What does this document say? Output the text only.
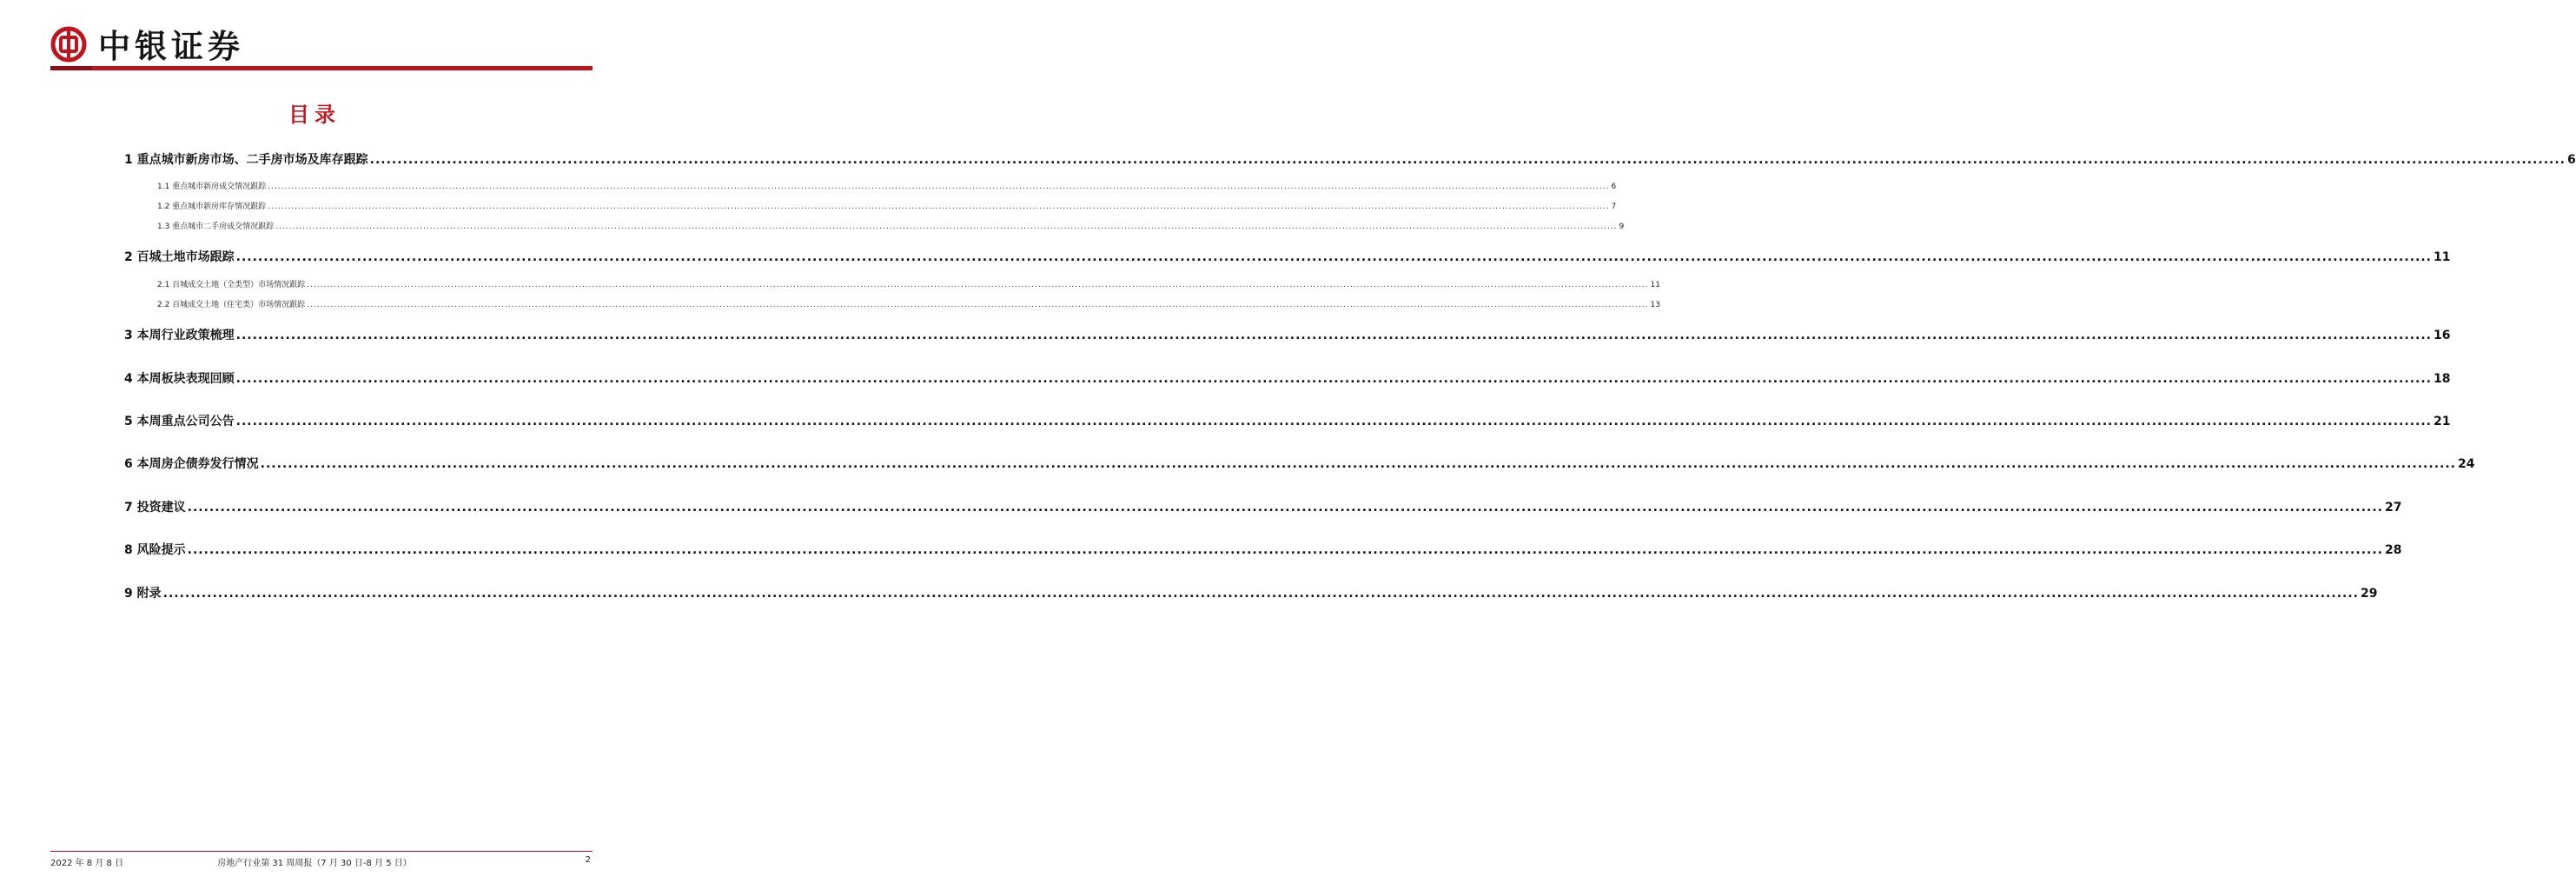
中银证券
目录
1 重点城市新房市场、二手房市场及库存跟踪 ................................................................................................................................................................................................................................................................................................................................................................................................................ 6
1.1 重点城市新房成交情况跟踪 ................................................................................................................................................................................................................................................................................................................................................................................................................ 6
1.2 重点城市新房库存情况跟踪 ................................................................................................................................................................................................................................................................................................................................................................................................................ 7
1.3 重点城市二手房成交情况跟踪 ................................................................................................................................................................................................................................................................................................................................................................................................................ 9
2 百城土地市场跟踪 ................................................................................................................................................................................................................................................................................................................................................................................................................ 11
2.1 百城成交土地（全类型）市场情况跟踪 ................................................................................................................................................................................................................................................................................................................................................................................................................ 11
2.2 百城成交土地（住宅类）市场情况跟踪 ................................................................................................................................................................................................................................................................................................................................................................................................................ 13
3 本周行业政策梳理 ................................................................................................................................................................................................................................................................................................................................................................................................................ 16
4 本周板块表现回顾 ................................................................................................................................................................................................................................................................................................................................................................................................................ 18
5 本周重点公司公告 ................................................................................................................................................................................................................................................................................................................................................................................................................ 21
6 本周房企债券发行情况 ................................................................................................................................................................................................................................................................................................................................................................................................................ 24
7 投资建议 ................................................................................................................................................................................................................................................................................................................................................................................................................ 27
8 风险提示 ................................................................................................................................................................................................................................................................................................................................................................................................................ 28
9 附录 ................................................................................................................................................................................................................................................................................................................................................................................................................ 29
2022 年 8 月 8 日	房地产行业第 31 周周报（7 月 30 日-8 月 5 日）	2
